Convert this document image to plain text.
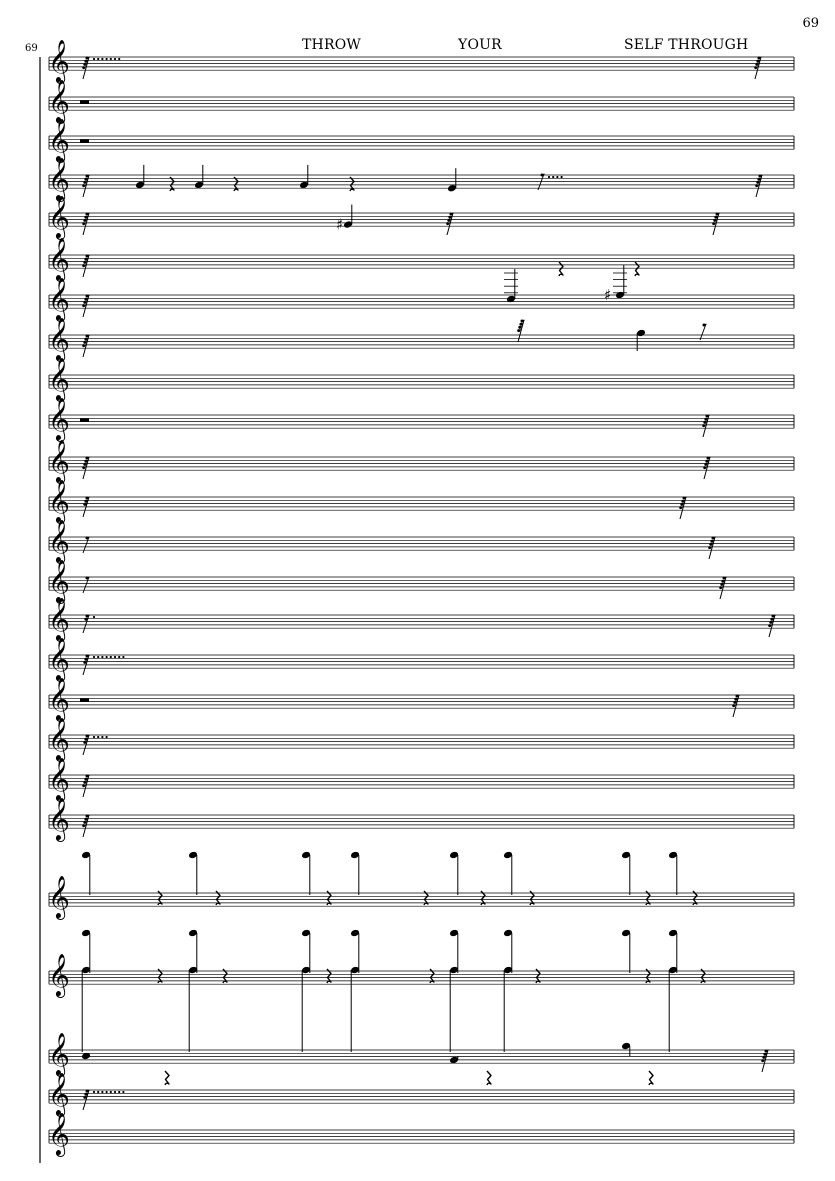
69
69	THROW	YOUR	SELF THROUGH
𝄞
𝄞
𝄞
𝄞
𝄞
𝄞
𝄞
𝄞
𝄞
𝄞
𝄞
𝄞
𝄞
𝄞
𝄞
𝄞
𝄞
𝄞
𝄞
𝄞
𝄞
𝄞
𝄞
𝄞
𝄞
♯
♯
